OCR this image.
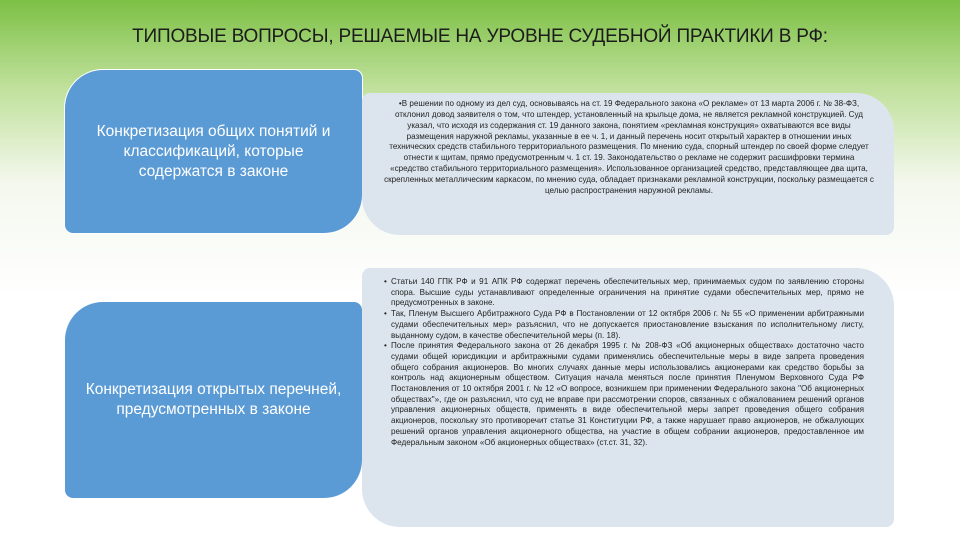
ТИПОВЫЕ ВОПРОСЫ, РЕШАЕМЫЕ НА УРОВНЕ СУДЕБНОЙ ПРАКТИКИ В РФ:
Конкретизация общих понятий и классификаций, которые содержатся в законе
• В решении по одному из дел суд, основываясь на ст. 19 Федерального закона «О рекламе» от 13 марта 2006 г. № 38-ФЗ, отклонил довод заявителя о том, что штендер, установленный на крыльце дома, не является рекламной конструкцией. Суд указал, что исходя из содержания ст. 19 данного закона, понятием «рекламная конструкция» охватываются все виды размещения наружной рекламы, указанные в ее ч. 1, и данный перечень носит открытый характер в отношении иных технических средств стабильного территориального размещения. По мнению суда, спорный штендер по своей форме следует отнести к щитам, прямо предусмотренным ч. 1 ст. 19. Законодательство о рекламе не содержит расшифровки термина «средство стабильного территориального размещения». Использованное организацией средство, представляющее два щита, скрепленных металлическим каркасом, по мнению суда, обладает признаками рекламной конструкции, поскольку размещается с целью распространения наружной рекламы.
Конкретизация открытых перечней, предусмотренных в законе
• Статьи 140 ГПК РФ и 91 АПК РФ содержат перечень обеспечительных мер, принимаемых судом по заявлению стороны спора. Высшие суды устанавливают определенные ограничения на принятие судами обеспечительных мер, прямо не предусмотренных в законе.
• Так, Пленум Высшего Арбитражного Суда РФ в Постановлении от 12 октября 2006 г. № 55 «О применении арбитражными судами обеспечительных мер» разъяснил, что не допускается приостановление взыскания по исполнительному листу, выданному судом, в качестве обеспечительной меры (п. 18).
• После принятия Федерального закона от 26 декабря 1995 г. № 208-ФЗ «Об акционерных обществах» достаточно часто судами общей юрисдикции и арбитражными судами применялись обеспечительные меры в виде запрета проведения общего собрания акционеров. Во многих случаях данные меры использовались акционерами как средство борьбы за контроль над акционерным обществом. Ситуация начала меняться после принятия Пленумом Верховного Суда РФ Постановления от 10 октября 2001 г. № 12 «О вопросе, возникшем при применении Федерального закона "Об акционерных обществах"», где он разъяснил, что суд не вправе при рассмотрении споров, связанных с обжалованием решений органов управления акционерных обществ, применять в виде обеспечительной меры запрет проведения общего собрания акционеров, поскольку это противоречит статье 31 Конституции РФ, а также нарушает право акционеров, не обжалующих решений органов управления акционерного общества, на участие в общем собрании акционеров, предоставленное им Федеральным законом «Об акционерных обществах» (ст.ст. 31, 32).
